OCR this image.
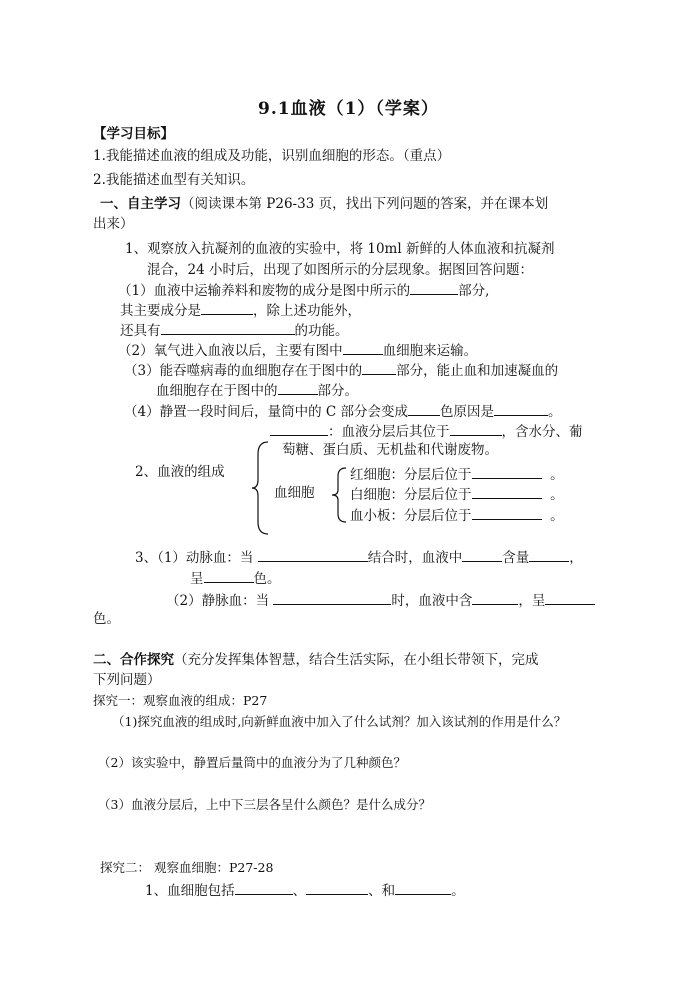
9.1血液（1）（学案）
【学习目标】
1.我能描述血液的组成及功能，识别血细胞的形态。（重点）
2.我能描述血型有关知识。
一、自主学习（阅读课本第 P26-33 页，找出下列问题的答案，并在课本划
出来）
1、观察放入抗凝剂的血液的实验中，将 10ml 新鲜的人体血液和抗凝剂
混合，24 小时后，出现了如图所示的分层现象。据图回答问题：
（1）血液中运输养料和废物的成分是图中所示的	部分,
其主要成分是	，除上述功能外，
还具有	的功能。
（2）氧气进入血液以后，主要有图中	血细胞来运输。
（3）能吞噬病毒的血细胞存在于图中的	部分，能止血和加速凝血的
血细胞存在于图中的	部分。
（4）静置一段时间后，量筒中的 C 部分会变成 色原因是	。
：血液分层后其位于	，含水分、葡
萄糖、蛋白质、无机盐和代谢废物。
2、血液的组成
血细胞
红细胞：分层后位于	。
白细胞：分层后位于	。
血小板：分层后位于	。
3、（1）动脉血：当	结合时，血液中	含量	，
呈	色。
（2）静脉血：当	时，血液中含	，呈
色。
二、合作探究（充分发挥集体智慧，结合生活实际，在小组长带领下，完成
下列问题）
探究一：观察血液的组成：P27
（1)探究血液的组成时,向新鲜血液中加入了什么试剂？加入该试剂的作用是什么？
（2）该实验中，静置后量筒中的血液分为了几种颜色？
（3）血液分层后，上中下三层各呈什么颜色？是什么成分？
探究二： 观察血细胞：P27-28
1、血细胞包括	、	、和	。
